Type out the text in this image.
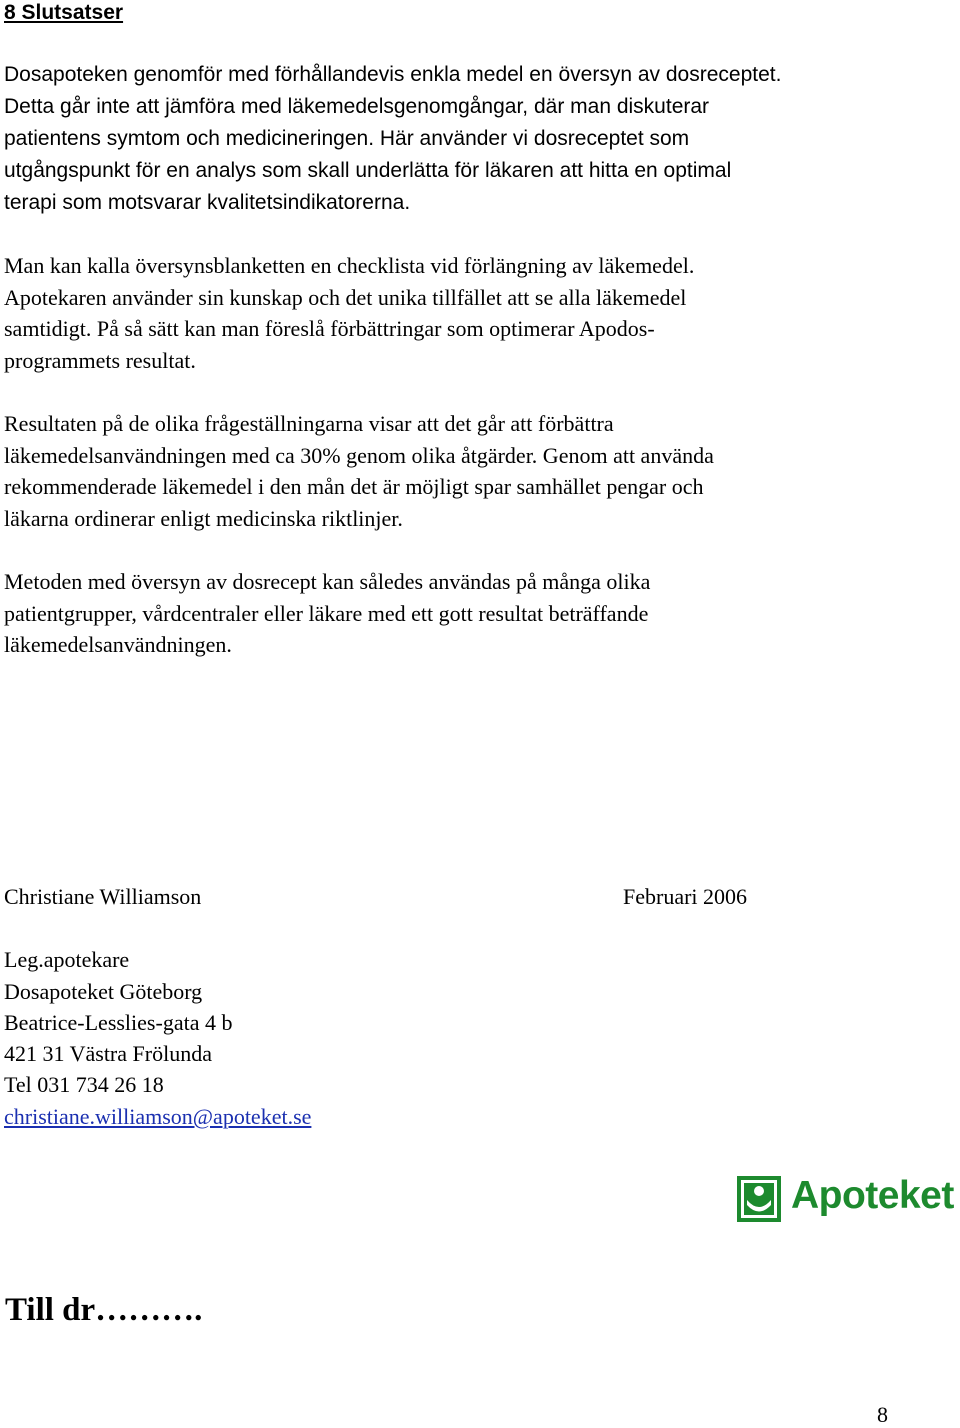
8 Slutsatser

Dosapoteken genomför med förhållandevis enkla medel en översyn av dosreceptet.
Detta går inte att jämföra med läkemedelsgenomgångar, där man diskuterar
patientens symtom och medicineringen. Här använder vi dosreceptet som
utgångspunkt för en analys som skall underlätta för läkaren att hitta en optimal
terapi som motsvarar kvalitetsindikatorerna.

Man kan kalla översynsblanketten en checklista vid förlängning av läkemedel.
Apotekaren använder sin kunskap och det unika tillfället att se alla läkemedel
samtidigt. På så sätt kan man föreslå förbättringar som optimerar Apodos-
programmets resultat.

Resultaten på de olika frågeställningarna visar att det går att förbättra
läkemedelsanvändningen med ca 30% genom olika åtgärder. Genom att använda
rekommenderade läkemedel i den mån det är möjligt spar samhället pengar och
läkarna ordinerar enligt medicinska riktlinjer.

Metoden med översyn av dosrecept kan således användas på många olika
patientgrupper, vårdcentraler eller läkare med ett gott resultat beträffande
läkemedelsanvändningen.

Christiane Williamson	Februari 2006

Leg.apotekare

Dosapoteket Göteborg

Beatrice-Lesslies-gata 4 b

421 31 Västra Frölunda

Tel 031 734 26 18

christiane.williamson@apoteket.se
Apoteket

Till dr……….

8
